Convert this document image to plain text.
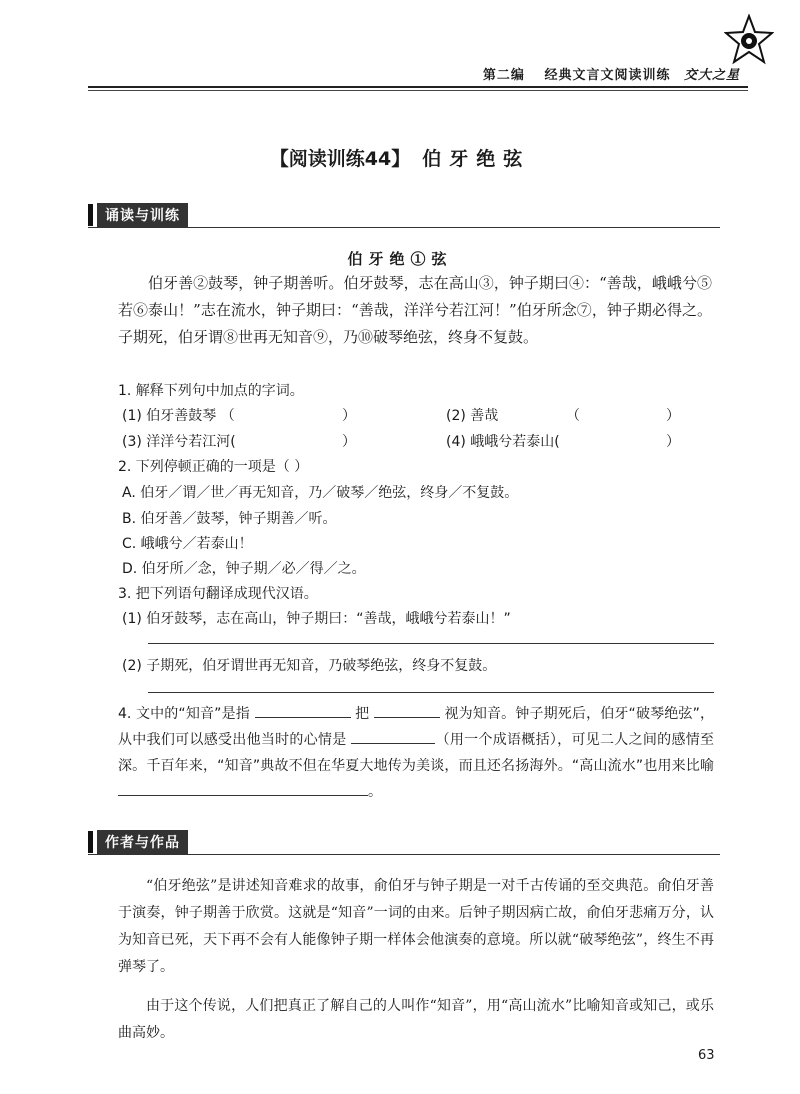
第二编 经典文言文阅读训练 交大之星
【阅读训练44】 伯牙绝弦
诵读与训练
伯牙绝①弦
伯牙善②鼓琴，钟子期善听。伯牙鼓琴，志在高山③，钟子期曰④：“善哉，峨峨兮⑤若⑥泰山！”志在流水，钟子期曰：“善哉，洋洋兮若江河！”伯牙所念⑦，钟子期必得之。子期死，伯牙谓⑧世再无知音⑨，乃⑩破琴绝弦，终身不复鼓。
1. 解释下列句中加点的字词。
(1) 伯牙善鼓琴 （	）	(2) 善哉	（	）
(3) 洋洋兮若江河(	）	(4) 峨峨兮若泰山(	）
2. 下列停顿正确的一项是（ ）
A. 伯牙／谓／世／再无知音，乃／破琴／绝弦，终身／不复鼓。
B. 伯牙善／鼓琴，钟子期善／听。
C. 峨峨兮／若泰山！
D. 伯牙所／念，钟子期／必／得／之。
3. 把下列语句翻译成现代汉语。
(1) 伯牙鼓琴，志在高山，钟子期曰：“善哉，峨峨兮若泰山！”
(2) 子期死，伯牙谓世再无知音，乃破琴绝弦，终身不复鼓。
4. 文中的“知音”是指	把	视为知音。钟子期死后，伯牙“破琴绝弦”，从中我们可以感受出他当时的心情是	（用一个成语概括），可见二人之间的感情至深。千百年来，“知音”典故不但在华夏大地传为美谈，而且还名扬海外。“高山流水”也用来比喻 。
作者与作品
“伯牙绝弦”是讲述知音难求的故事，俞伯牙与钟子期是一对千古传诵的至交典范。俞伯牙善于演奏，钟子期善于欣赏。这就是“知音”一词的由来。后钟子期因病亡故，俞伯牙悲痛万分，认为知音已死，天下再不会有人能像钟子期一样体会他演奏的意境。所以就“破琴绝弦”，终生不再弹琴了。
由于这个传说，人们把真正了解自己的人叫作“知音”，用“高山流水”比喻知音或知己，或乐曲高妙。
63
